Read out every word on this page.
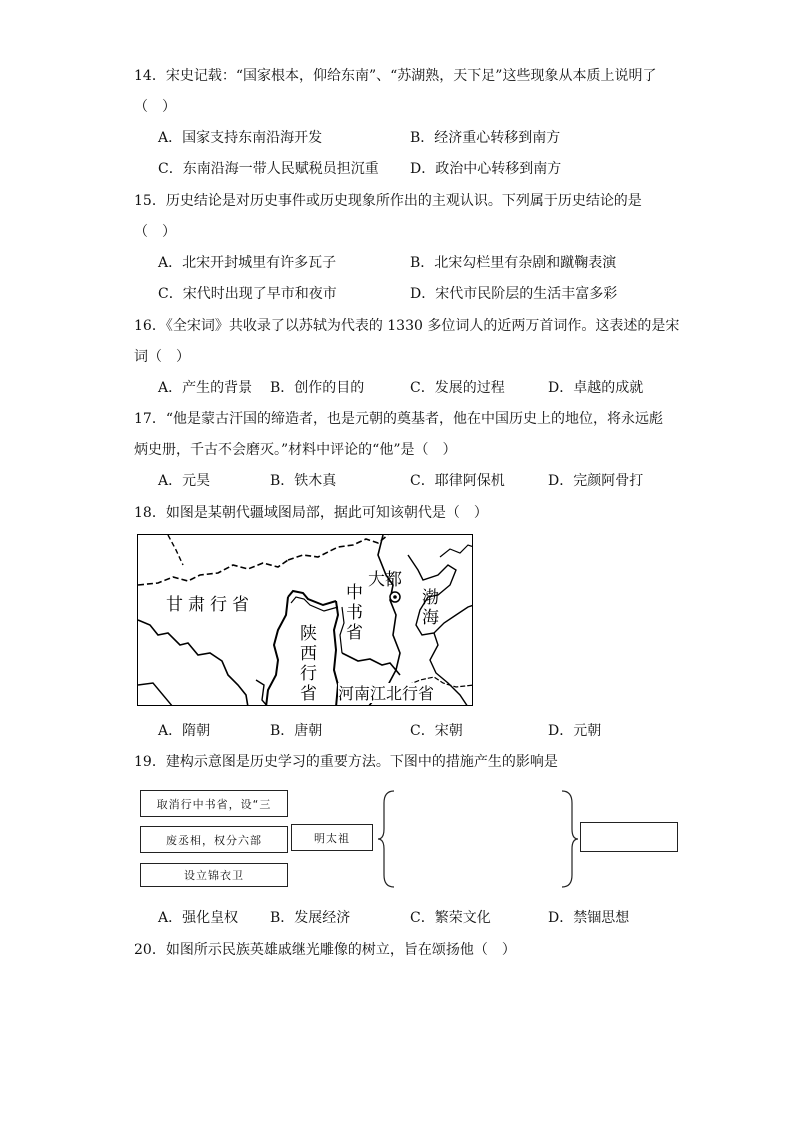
14．宋史记载：“国家根本，仰给东南”、“苏湖熟，天下足”这些现象从本质上说明了
（　）
A．国家支持东南沿海开发	B．经济重心转移到南方
C．东南沿海一带人民赋税员担沉重 D．政治中心转移到南方
15．历史结论是对历史事件或历史现象所作出的主观认识。下列属于历史结论的是
（　）
A．北宋开封城里有许多瓦子	B．北宋勾栏里有杂剧和蹴鞠表演
C．宋代时出现了早市和夜市	D．宋代市民阶层的生活丰富多彩
16．《全宋词》共收录了以苏轼为代表的 1330 多位词人的近两万首词作。这表述的是宋
词（　）
A．产生的背景 B．创作的目的	C．发展的过程	D．卓越的成就
17．“他是蒙古汗国的缔造者，也是元朝的奠基者，他在中国历史上的地位，将永远彪
炳史册，千古不会磨灭。”材料中评论的“他”是（　）
A．元昊	B．铁木真	C．耶律阿保机	D．完颜阿骨打
18．如图是某朝代疆域图局部，据此可知该朝代是（　）
甘肃行省
中
书
省
陕
西
行
省
大都
渤
海
河南江北行省
A．隋朝	B．唐朝	C．宋朝	D．元朝
19．建构示意图是历史学习的重要方法。下图中的措施产生的影响是
取消行中书省，设“三
废丞相，权分六部
设立锦衣卫
明太祖
A．强化皇权 B．发展经济	C．繁荣文化	D．禁锢思想
20．如图所示民族英雄戚继光雕像的树立，旨在颂扬他（　）
